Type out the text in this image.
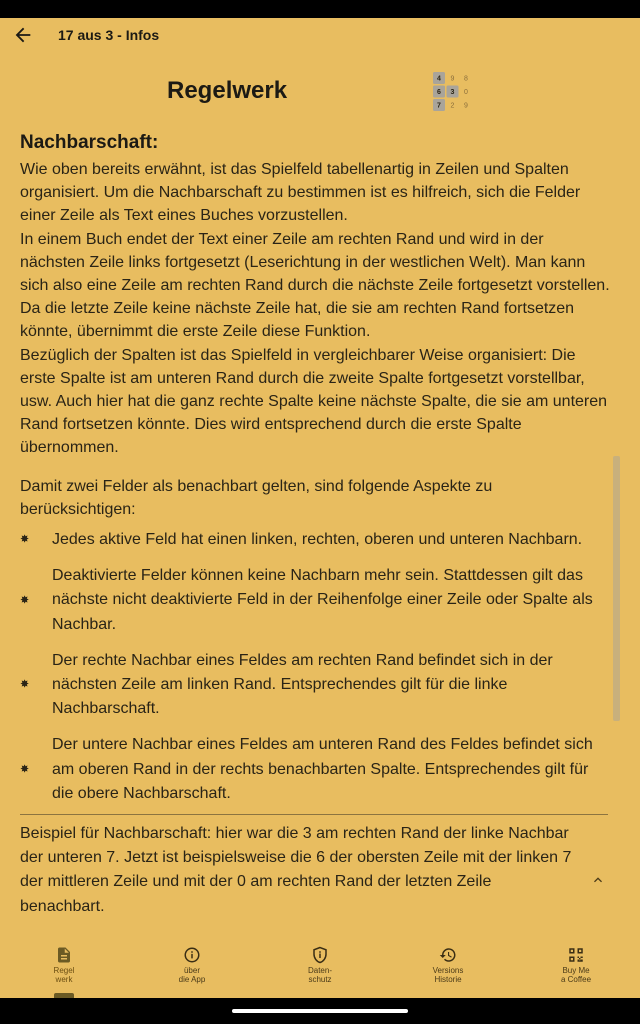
17 aus 3 - Infos
Regelwerk	4 9 8
6 3 0
7 2 9
Nachbarschaft:

Wie oben bereits erwähnt, ist das Spielfeld tabellenartig in Zeilen und Spalten organisiert. Um die Nachbarschaft zu bestimmen ist es hilfreich, sich die Felder einer Zeile als Text eines Buches vorzustellen.

In einem Buch endet der Text einer Zeile am rechten Rand und wird in der nächsten Zeile links fortgesetzt (Leserichtung in der westlichen Welt). Man kann sich also eine Zeile am rechten Rand durch die nächste Zeile fortgesetzt vorstellen. Da die letzte Zeile keine nächste Zeile hat, die sie am rechten Rand fortsetzen könnte, übernimmt die erste Zeile diese Funktion.

Bezüglich der Spalten ist das Spielfeld in vergleichbarer Weise organisiert: Die erste Spalte ist am unteren Rand durch die zweite Spalte fortgesetzt vorstellbar, usw. Auch hier hat die ganz rechte Spalte keine nächste Spalte, die sie am unteren Rand fortsetzen könnte. Dies wird entsprechend durch die erste Spalte übernommen.

Damit zwei Felder als benachbart gelten, sind folgende Aspekte zu berücksichtigen:

✸ Jedes aktive Feld hat einen linken, rechten, oberen und unteren Nachbarn.
✸
Deaktivierte Felder können keine Nachbarn mehr sein. Stattdessen gilt das nächste nicht deaktivierte Feld in der Reihenfolge einer Zeile oder Spalte als Nachbar.
✸
Der rechte Nachbar eines Feldes am rechten Rand befindet sich in der nächsten Zeile am linken Rand. Entsprechendes gilt für die linke Nachbarschaft.
✸
Der untere Nachbar eines Feldes am unteren Rand des Feldes befindet sich am oberen Rand in der rechts benachbarten Spalte. Entsprechendes gilt für die obere Nachbarschaft.
Beispiel für Nachbarschaft: hier war die 3 am rechten Rand der linke Nachbar der unteren 7. Jetzt ist beispielsweise die 6 der obersten Zeile mit der linken 7 der mittleren Zeile und mit der 0 am rechten Rand der letzten Zeile benachbart.
Regel
werk
über
die App
Daten-
schutz
Versions
Historie
Buy Me
a Coffee
